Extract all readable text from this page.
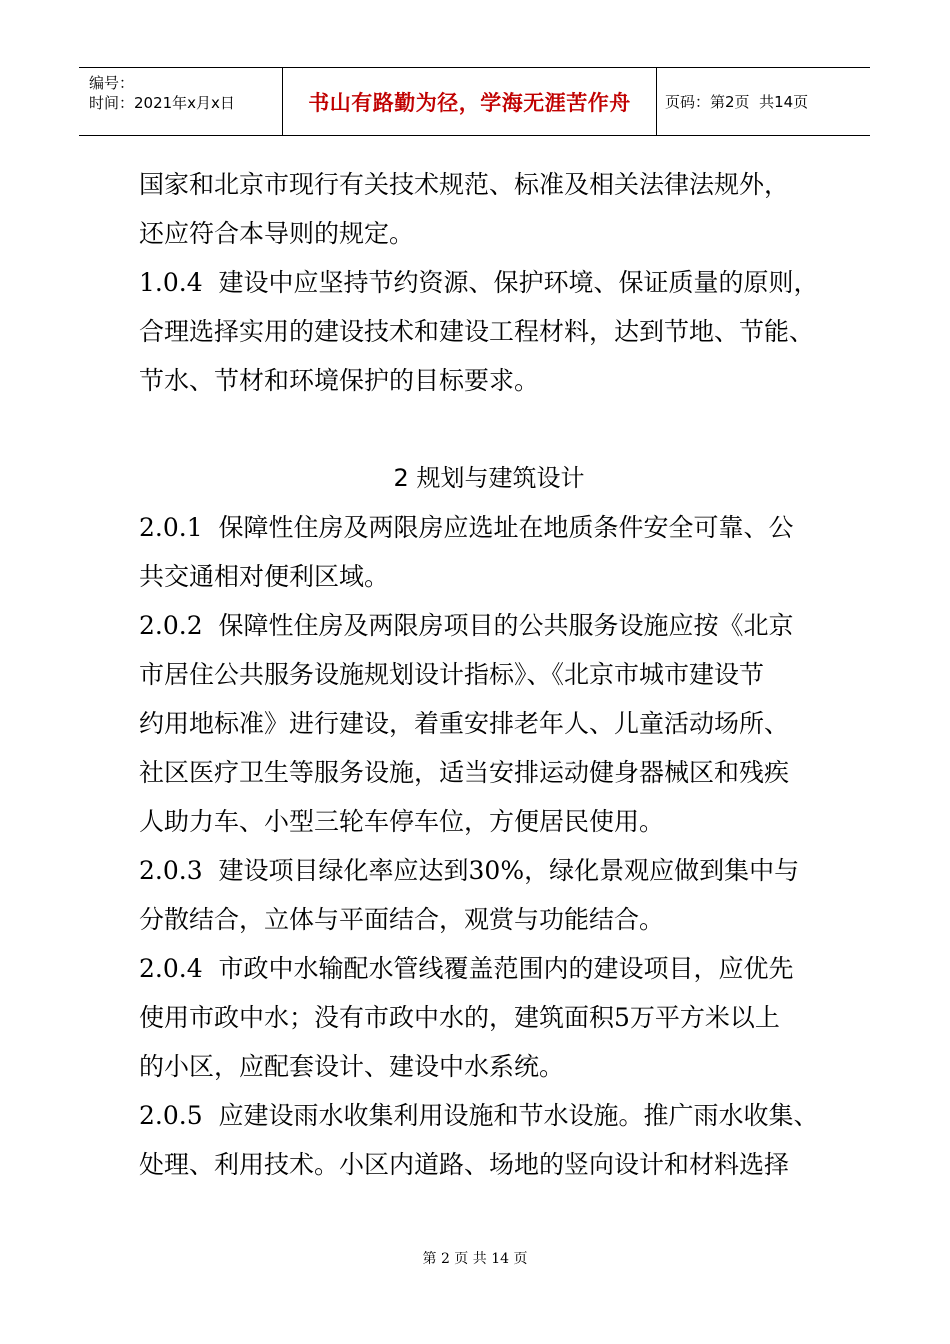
编号：
时间：2021年x月x日	书山有路勤为径，学海无涯苦作舟	页码：第2页  共14页
国家和北京市现行有关技术规范、标准及相关法律法规外，
还应符合本导则的规定。
1.0.4  建设中应坚持节约资源、保护环境、保证质量的原则，
合理选择实用的建设技术和建设工程材料，达到节地、节能、
节水、节材和环境保护的目标要求。
2 规划与建筑设计
2.0.1  保障性住房及两限房应选址在地质条件安全可靠、公
共交通相对便利区域。
2.0.2  保障性住房及两限房项目的公共服务设施应按《北京
市居住公共服务设施规划设计指标》、《北京市城市建设节
约用地标准》进行建设，着重安排老年人、儿童活动场所、
社区医疗卫生等服务设施，适当安排运动健身器械区和残疾
人助力车、小型三轮车停车位，方便居民使用。
2.0.3  建设项目绿化率应达到30%，绿化景观应做到集中与
分散结合，立体与平面结合，观赏与功能结合。
2.0.4  市政中水输配水管线覆盖范围内的建设项目，应优先
使用市政中水；没有市政中水的，建筑面积5万平方米以上
的小区，应配套设计、建设中水系统。
2.0.5  应建设雨水收集利用设施和节水设施。推广雨水收集、
处理、利用技术。小区内道路、场地的竖向设计和材料选择
第 2 页 共 14 页
